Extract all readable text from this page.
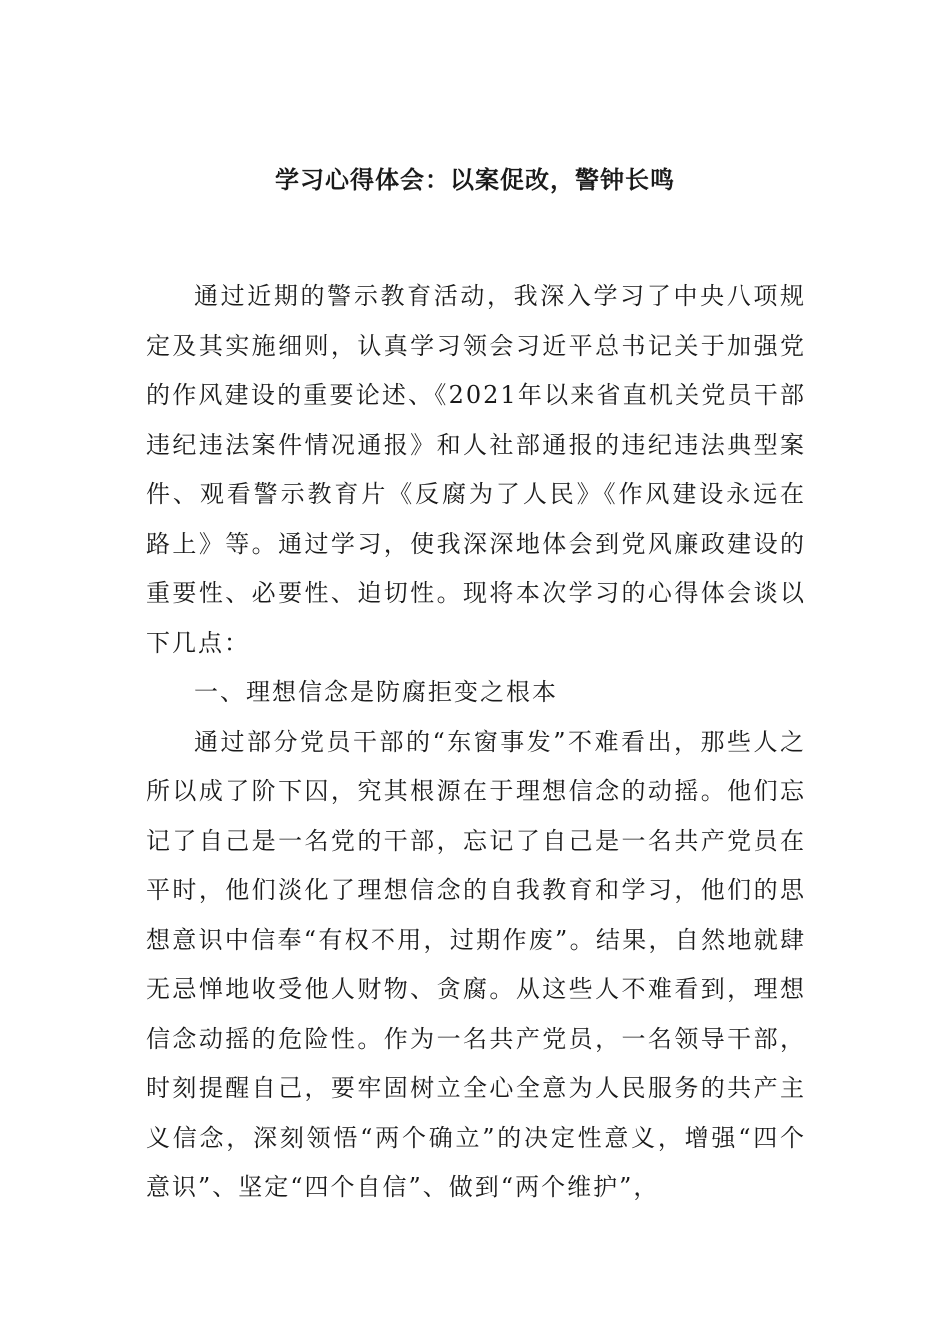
学习心得体会：以案促改，警钟长鸣

通过近期的警示教育活动，我深入学习了中央八项规定及其实施细则，认真学习领会习近平总书记关于加强党的作风建设的重要论述、《2021年以来省直机关党员干部违纪违法案件情况通报》和人社部通报的违纪违法典型案件、观看警示教育片《反腐为了人民》《作风建设永远在路上》等。通过学习，使我深深地体会到党风廉政建设的重要性、必要性、迫切性。现将本次学习的心得体会谈以下几点：

一、理想信念是防腐拒变之根本

通过部分党员干部的“东窗事发”不难看出，那些人之所以成了阶下囚，究其根源在于理想信念的动摇。他们忘记了自己是一名党的干部，忘记了自己是一名共产党员在平时，他们淡化了理想信念的自我教育和学习，他们的思想意识中信奉“有权不用，过期作废”。结果，自然地就肆无忌惮地收受他人财物、贪腐。从这些人不难看到，理想信念动摇的危险性。作为一名共产党员，一名领导干部，时刻提醒自己，要牢固树立全心全意为人民服务的共产主义信念，深刻领悟“两个确立”的决定性意义，增强“四个意识”、坚定“四个自信”、做到“两个维护”，
